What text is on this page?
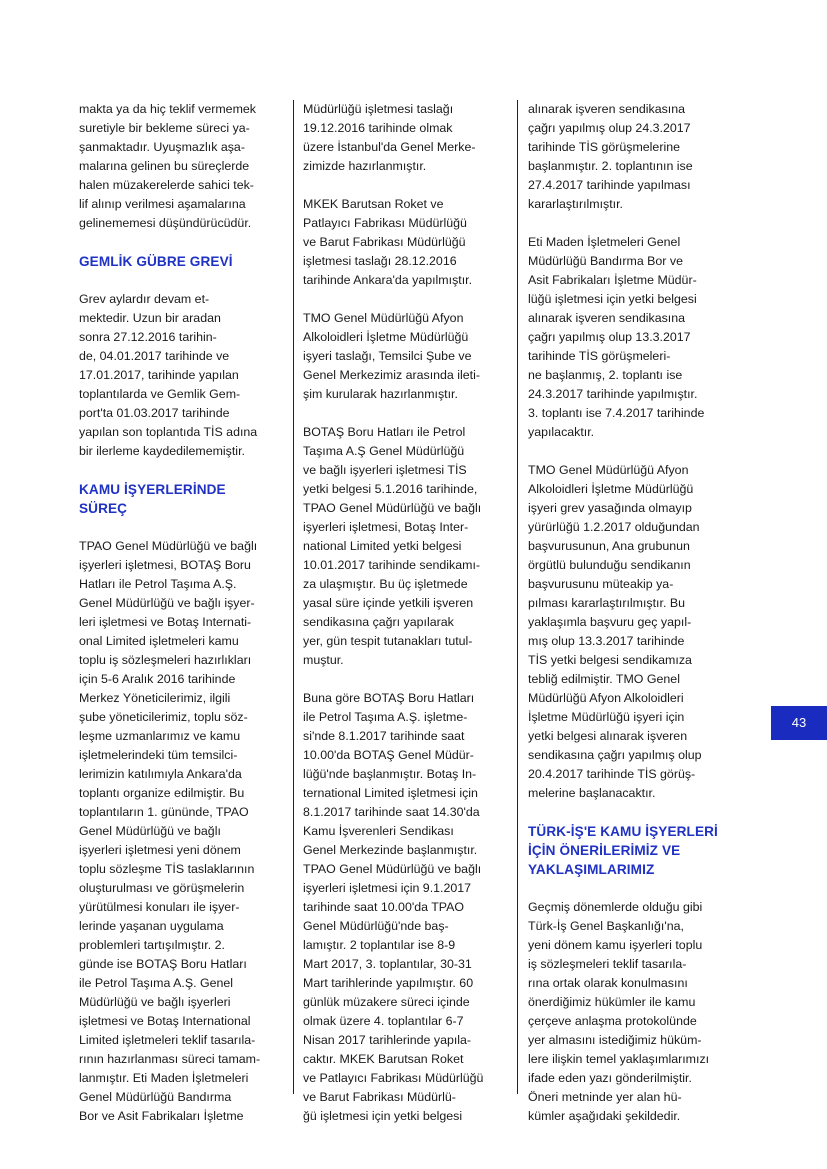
makta ya da hiç teklif vermemek
suretiyle bir bekleme süreci ya-
şanmaktadır. Uyuşmazlık aşa-
malarına gelinen bu süreçlerde
halen müzakerelerde sahici tek-
lif alınıp verilmesi aşamalarına
gelinememesi düşündürücüdür.

GEMLİK GÜBRE GREVİ

Grev aylardır devam et-
mektedir. Uzun bir aradan
sonra 27.12.2016 tarihin-
de, 04.01.2017 tarihinde ve
17.01.2017, tarihinde yapılan
toplantılarda ve Gemlik Gem-
port'ta 01.03.2017 tarihinde
yapılan son toplantıda TİS adına
bir ilerleme kaydedilememiştir.

KAMU İŞYERLERİNDE
SÜREÇ

TPAO Genel Müdürlüğü ve bağlı
işyerleri işletmesi, BOTAŞ Boru
Hatları ile Petrol Taşıma A.Ş.
Genel Müdürlüğü ve bağlı işyer-
leri işletmesi ve Botaş Internati-
onal Limited işletmeleri kamu
toplu iş sözleşmeleri hazırlıkları
için 5-6 Aralık 2016 tarihinde
Merkez Yöneticilerimiz, ilgili
şube yöneticilerimiz, toplu söz-
leşme uzmanlarımız ve kamu
işletmelerindeki tüm temsilci-
lerimizin katılımıyla Ankara'da
toplantı organize edilmiştir. Bu
toplantıların 1. gününde, TPAO
Genel Müdürlüğü ve bağlı
işyerleri işletmesi yeni dönem
toplu sözleşme TİS taslaklarının
oluşturulması ve görüşmelerin
yürütülmesi konuları ile işyer-
lerinde yaşanan uygulama
problemleri tartışılmıştır. 2.
günde ise BOTAŞ Boru Hatları
ile Petrol Taşıma A.Ş. Genel
Müdürlüğü ve bağlı işyerleri
işletmesi ve Botaş International
Limited işletmeleri teklif tasarıla-
rının hazırlanması süreci tamam-
lanmıştır. Eti Maden İşletmeleri
Genel Müdürlüğü Bandırma
Bor ve Asit Fabrikaları İşletme

Müdürlüğü işletmesi taslağı
19.12.2016 tarihinde olmak
üzere İstanbul'da Genel Merke-
zimizde hazırlanmıştır.

MKEK Barutsan Roket ve
Patlayıcı Fabrikası Müdürlüğü
ve Barut Fabrikası Müdürlüğü
işletmesi taslağı 28.12.2016
tarihinde Ankara'da yapılmıştır.

TMO Genel Müdürlüğü Afyon
Alkoloidleri İşletme Müdürlüğü
işyeri taslağı, Temsilci Şube ve
Genel Merkezimiz arasında ileti-
şim kurularak hazırlanmıştır.

BOTAŞ Boru Hatları ile Petrol
Taşıma A.Ş Genel Müdürlüğü
ve bağlı işyerleri işletmesi TİS
yetki belgesi 5.1.2016 tarihinde,
TPAO Genel Müdürlüğü ve bağlı
işyerleri işletmesi, Botaş Inter-
national Limited yetki belgesi
10.01.2017 tarihinde sendikamı-
za ulaşmıştır. Bu üç işletmede
yasal süre içinde yetkili işveren
sendikasına çağrı yapılarak
yer, gün tespit tutanakları tutul-
muştur.

Buna göre BOTAŞ Boru Hatları
ile Petrol Taşıma A.Ş. işletme-
si'nde 8.1.2017 tarihinde saat
10.00'da BOTAŞ Genel Müdür-
lüğü'nde başlanmıştır. Botaş In-
ternational Limited işletmesi için
8.1.2017 tarihinde saat 14.30'da
Kamu İşverenleri Sendikası
Genel Merkezinde başlanmıştır.
TPAO Genel Müdürlüğü ve bağlı
işyerleri işletmesi için 9.1.2017
tarihinde saat 10.00'da TPAO
Genel Müdürlüğü'nde baş-
lamıştır. 2 toplantılar ise 8-9
Mart 2017, 3. toplantılar, 30-31
Mart tarihlerinde yapılmıştır. 60
günlük müzakere süreci içinde
olmak üzere 4. toplantılar 6-7
Nisan 2017 tarihlerinde yapıla-
caktır. MKEK Barutsan Roket
ve Patlayıcı Fabrikası Müdürlüğü
ve Barut Fabrikası Müdürlü-
ğü işletmesi için yetki belgesi

alınarak işveren sendikasına
çağrı yapılmış olup 24.3.2017
tarihinde TİS görüşmelerine
başlanmıştır. 2. toplantının ise
27.4.2017 tarihinde yapılması
kararlaştırılmıştır.

Eti Maden İşletmeleri Genel
Müdürlüğü Bandırma Bor ve
Asit Fabrikaları İşletme Müdür-
lüğü işletmesi için yetki belgesi
alınarak işveren sendikasına
çağrı yapılmış olup 13.3.2017
tarihinde TİS görüşmeleri-
ne başlanmış, 2. toplantı ise
24.3.2017 tarihinde yapılmıştır.
3. toplantı ise 7.4.2017 tarihinde
yapılacaktır.

TMO Genel Müdürlüğü Afyon
Alkoloidleri İşletme Müdürlüğü
işyeri grev yasağında olmayıp
yürürlüğü 1.2.2017 olduğundan
başvurusunun, Ana grubunun
örgütlü bulunduğu sendikanın
başvurusunu müteakip ya-
pılması kararlaştırılmıştır. Bu
yaklaşımla başvuru geç yapıl-
mış olup 13.3.2017 tarihinde
TİS yetki belgesi sendikamıza
tebliğ edilmiştir. TMO Genel
Müdürlüğü Afyon Alkoloidleri
İşletme Müdürlüğü işyeri için
yetki belgesi alınarak işveren
sendikasına çağrı yapılmış olup
20.4.2017 tarihinde TİS görüş-
melerine başlanacaktır.

TÜRK-İŞ'E KAMU İŞYERLERİ
İÇİN ÖNERİLERİMİZ VE
YAKLAŞIMLARIMIZ

Geçmiş dönemlerde olduğu gibi
Türk-İş Genel Başkanlığı'na,
yeni dönem kamu işyerleri toplu
iş sözleşmeleri teklif tasarıla-
rına ortak olarak konulmasını
önerdiğimiz hükümler ile kamu
çerçeve anlaşma protokolünde
yer almasını istediğimiz hüküm-
lere ilişkin temel yaklaşımlarımızı
ifade eden yazı gönderilmiştir.
Öneri metninde yer alan hü-
kümler aşağıdaki şekildedir.

43
